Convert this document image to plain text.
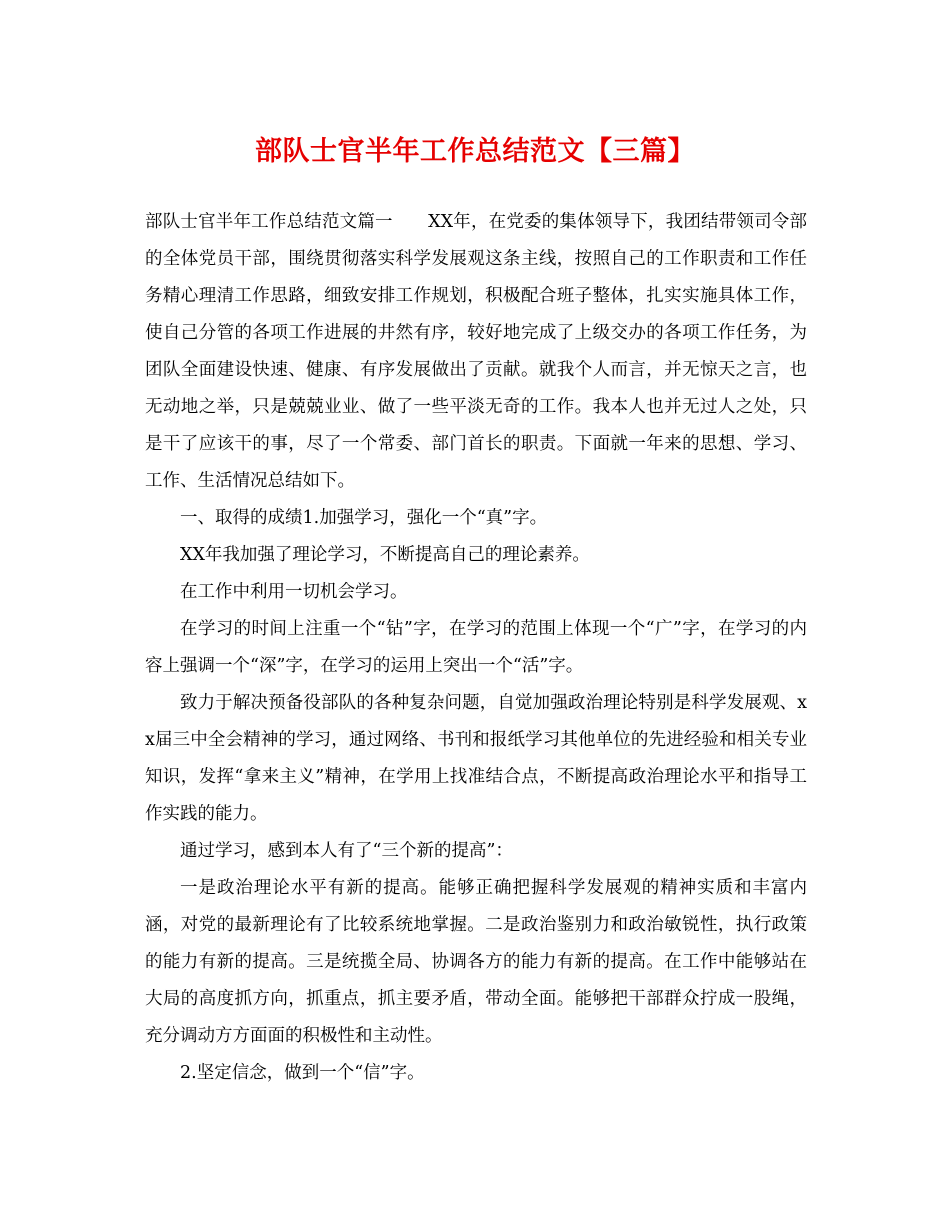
部队士官半年工作总结范文【三篇】

部队士官半年工作总结范文篇一　　XX年，在党委的集体领导下，我团结带领司令部的全体党员干部，围绕贯彻落实科学发展观这条主线，按照自己的工作职责和工作任务精心理清工作思路，细致安排工作规划，积极配合班子整体，扎实实施具体工作，使自己分管的各项工作进展的井然有序，较好地完成了上级交办的各项工作任务，为团队全面建设快速、健康、有序发展做出了贡献。就我个人而言，并无惊天之言，也无动地之举，只是兢兢业业、做了一些平淡无奇的工作。我本人也并无过人之处，只是干了应该干的事，尽了一个常委、部门首长的职责。下面就一年来的思想、学习、工作、生活情况总结如下。

一、取得的成绩1.加强学习，强化一个“真”字。

XX年我加强了理论学习，不断提高自己的理论素养。

在工作中利用一切机会学习。

在学习的时间上注重一个“钻”字，在学习的范围上体现一个“广”字，在学习的内容上强调一个“深”字，在学习的运用上突出一个“活”字。

致力于解决预备役部队的各种复杂问题，自觉加强政治理论特别是科学发展观、xx届三中全会精神的学习，通过网络、书刊和报纸学习其他单位的先进经验和相关专业知识，发挥“拿来主义”精神，在学用上找准结合点，不断提高政治理论水平和指导工作实践的能力。

通过学习，感到本人有了“三个新的提高”：

一是政治理论水平有新的提高。能够正确把握科学发展观的精神实质和丰富内涵，对党的最新理论有了比较系统地掌握。二是政治鉴别力和政治敏锐性，执行政策的能力有新的提高。三是统揽全局、协调各方的能力有新的提高。在工作中能够站在大局的高度抓方向，抓重点，抓主要矛盾，带动全面。能够把干部群众拧成一股绳，充分调动方方面面的积极性和主动性。

2.坚定信念，做到一个“信”字。
